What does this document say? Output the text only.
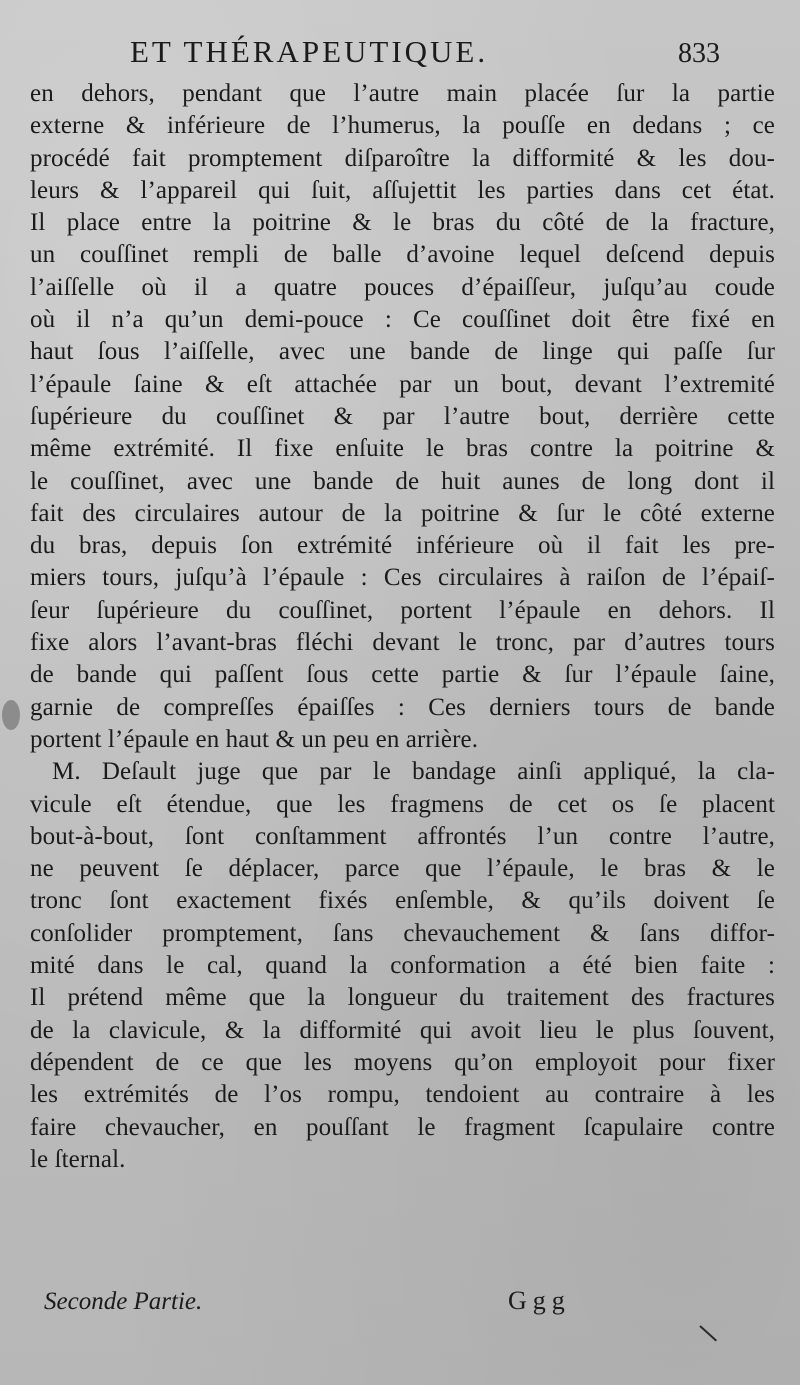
ET THÉRAPEUTIQUE.	833
en dehors, pendant que l’autre main placée ſur la partie
externe & inférieure de l’humerus, la pouſſe en dedans ; ce
procédé fait promptement diſparoître la difformité & les dou-
leurs & l’appareil qui ſuit, aſſujettit les parties dans cet état.
Il place entre la poitrine & le bras du côté de la fracture,
un couſſinet rempli de balle d’avoine lequel deſcend depuis
l’aiſſelle où il a quatre pouces d’épaiſſeur, juſqu’au coude
où il n’a qu’un demi-pouce : Ce couſſinet doit être fixé en
haut ſous l’aiſſelle, avec une bande de linge qui paſſe ſur
l’épaule ſaine & eſt attachée par un bout, devant l’extremité
ſupérieure du couſſinet & par l’autre bout, derrière cette
même extrémité. Il fixe enſuite le bras contre la poitrine &
le couſſinet, avec une bande de huit aunes de long dont il
fait des circulaires autour de la poitrine & ſur le côté externe
du bras, depuis ſon extrémité inférieure où il fait les pre-
miers tours, juſqu’à l’épaule : Ces circulaires à raiſon de l’épaiſ-
ſeur ſupérieure du couſſinet, portent l’épaule en dehors. Il
fixe alors l’avant-bras fléchi devant le tronc, par d’autres tours
de bande qui paſſent ſous cette partie & ſur l’épaule ſaine,
garnie de compreſſes épaiſſes : Ces derniers tours de bande
portent l’épaule en haut & un peu en arrière.
M. Deſault juge que par le bandage ainſi appliqué, la cla-
vicule eſt étendue, que les fragmens de cet os ſe placent
bout-à-bout, ſont conſtamment affrontés l’un contre l’autre,
ne peuvent ſe déplacer, parce que l’épaule, le bras & le
tronc ſont exactement fixés enſemble, & qu’ils doivent ſe
conſolider promptement, ſans chevauchement & ſans diffor-
mité dans le cal, quand la conformation a été bien faite :
Il prétend même que la longueur du traitement des fractures
de la clavicule, & la difformité qui avoit lieu le plus ſouvent,
dépendent de ce que les moyens qu’on employoit pour fixer
les extrémités de l’os rompu, tendoient au contraire à les
faire chevaucher, en pouſſant le fragment ſcapulaire contre
le ſternal.
Seconde Partie.	Ggg
